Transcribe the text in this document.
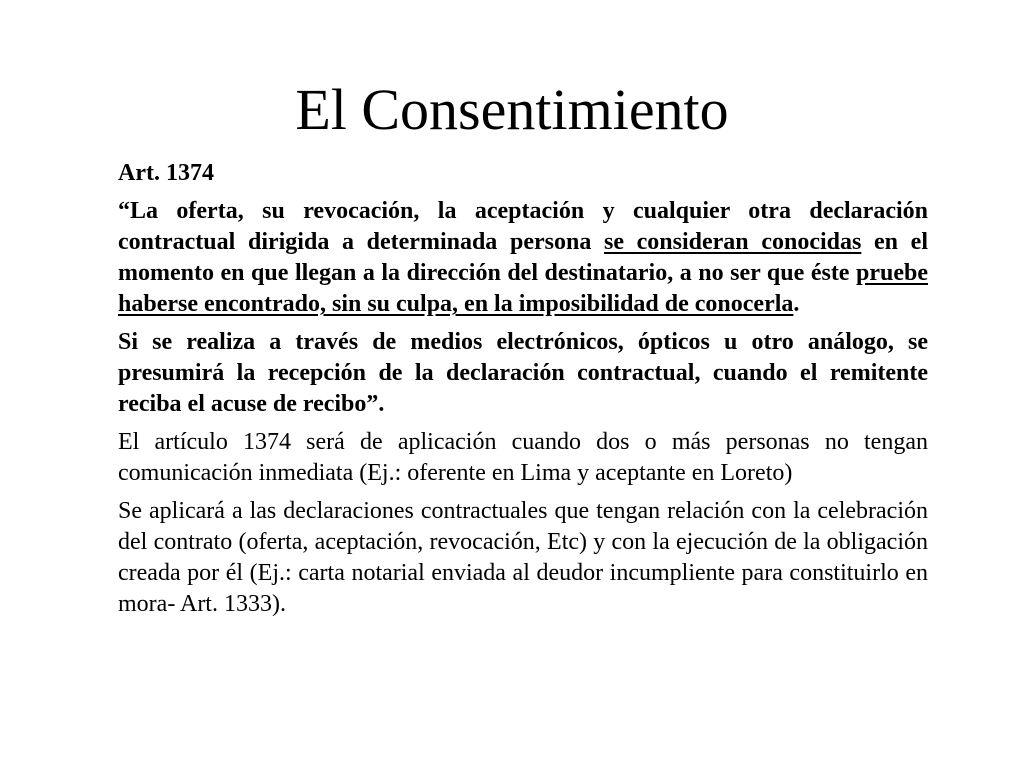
El Consentimiento

Art. 1374

“La oferta, su revocación, la aceptación y cualquier otra declaración contractual dirigida a determinada persona se consideran conocidas en el momento en que llegan a la dirección del destinatario, a no ser que éste pruebe haberse encontrado, sin su culpa, en la imposibilidad de conocerla.

Si se realiza a través de medios electrónicos, ópticos u otro análogo, se presumirá la recepción de la declaración contractual, cuando el remitente reciba el acuse de recibo”.

El artículo 1374 será de aplicación cuando dos o más personas no tengan comunicación inmediata (Ej.: oferente en Lima y aceptante en Loreto)

Se aplicará a las declaraciones contractuales que tengan relación con la celebración del contrato (oferta, aceptación, revocación, Etc) y con la ejecución de la obligación creada por él (Ej.: carta notarial enviada al deudor incumpliente para constituirlo en mora- Art. 1333).
